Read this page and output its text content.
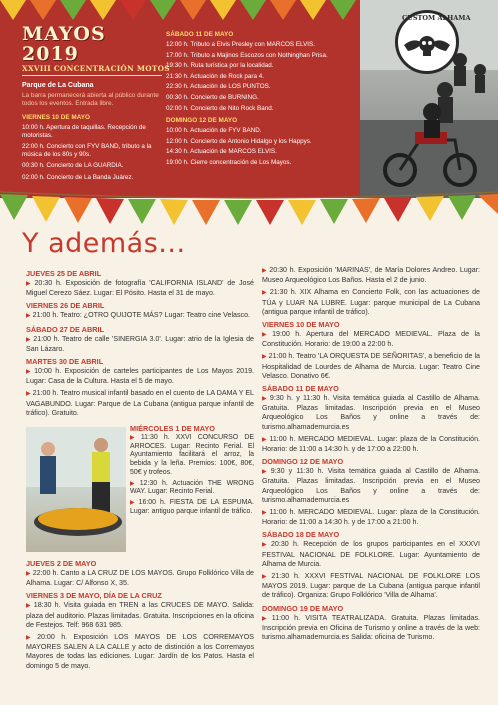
MAYOS 2019
XXVIII CONCENTRACIÓN MOTOS
Parque de La Cubana
La barra permanecerá abierta al público durante todos los eventos. Entrada libre.
VIERNES 10 DE MAYO
10:00 h. Apertura de taquillas. Recepción de motoristas.
22:00 h. Concierto con FYV BAND, tributo a la música de los 80s y 90s.
00:30 h. Concierto de LA GUARDIA.
02:00 h. Concierto de La Banda Juárez.
SÁBADO 11 DE MAYO
12:00 h. Tributo a Elvis Presley con MARCOS ELVIS.
17:00 h. Tributo a Majinos Escozos con Nothinghan Prisa.
19:30 h. Ruta turística por la localidad.
21:30 h. Actuación de Rock para 4.
22:30 h. Actuación de LOS PUNTOS.
00:30 h. Concierto de BURNING.
02:00 h. Concierto de Nito Rock Band.
DOMINGO 12 DE MAYO
10:00 h. Actuación de FYV BAND.
12:00 h. Concierto de Antonio Hidalgo y los Happys.
14:30 h. Actuación de MARCOS ELVIS.
19:00 h. Cierre concentración de Los Mayos.
CUSTOM ALHAMA
Y además...
JUEVES 25 DE ABRIL
▶ 20:30 h. Exposición de fotografía 'CALIFORNIA ISLAND' de José Miguel Cerezo Sáez. Lugar: El Pósito. Hasta el 31 de mayo.
VIERNES 26 DE ABRIL
▶ 21:00 h. Teatro: ¿OTRO QUIJOTE MÁS? Lugar: Teatro cine Velasco.
SÁBADO 27 DE ABRIL
▶ 21:00 h. Teatro de calle 'SINERGIA 3.0'. Lugar: atrio de la Iglesia de San Lázaro.
MARTES 30 DE ABRIL
▶ 10:00 h. Exposición de carteles participantes de Los Mayos 2019. Lugar: Casa de la Cultura. Hasta el 5 de mayo.
▶ 21:00 h. Teatro musical infantil basado en el cuento de LA DAMA Y EL VAGABUNDO. Lugar: Parque de La Cubana (antigua parque infantil de tráfico). Gratuito.
MIÉRCOLES 1 DE MAYO
▶ 11:30 h. XXVI CONCURSO DE ARROCES. Lugar: Recinto Ferial. El Ayuntamiento facilitará el arroz, la bebida y la leña. Premios: 100€, 80€, 50€ y trofeos.
▶ 12:30 h. Actuación THE WRONG WAY. Lugar: Recinto Ferial.
▶ 16:00 h. FIESTA DE LA ESPUMA. Lugar: antiguo parque infantil de tráfico.
JUEVES 2 DE MAYO
▶ 22:00 h. Canto a LA CRUZ DE LOS MAYOS. Grupo Folklórico Villa de Alhama. Lugar: C/ Alfonso X, 35.
VIERNES 3 DE MAYO, DÍA DE LA CRUZ
▶ 18:30 h. Visita guiada en TREN a las CRUCES DE MAYO. Salida: plaza del auditorio. Plazas limitadas. Gratuita. Inscripciones en la oficina de Festejos. Telf: 968 631 985.
▶ 20:00 h. Exposición LOS MAYOS DE LOS CORREMAYOS MAYORES SALEN A LA CALLE y acto de distinción a los Corremayos Mayores de todas las ediciones. Lugar: Jardín de los Patos. Hasta el domingo 5 de mayo.
▶ 20:30 h. Exposición 'MARINAS', de María Dolores Andreo. Lugar: Museo Arqueológico Los Baños. Hasta el 2 de junio.
▶ 21:30 h. XIX Alhama en Concierto Folk, con las actuaciones de TÚA y LUAR NA LUBRE. Lugar: parque municipal de La Cubana (antigua parque infantil de tráfico).
VIERNES 10 DE MAYO
▶ 19:00 h. Apertura del MERCADO MEDIEVAL. Plaza de la Constitución. Horario: de 19:00 a 22:00 h.
▶ 21:00 h. Teatro 'LA ORQUESTA DE SEÑORITAS', a beneficio de la Hospitalidad de Lourdes de Alhama de Murcia. Lugar: Teatro Cine Velasco. Donativo 6€.
SÁBADO 11 DE MAYO
▶ 9:30 h. y 11:30 h. Visita temática guiada al Castillo de Alhama. Gratuita. Plazas limitadas. Inscripción previa en el Museo Arqueológico Los Baños y online a través de: turismo.alhamademurcia.es
▶ 11:00 h. MERCADO MEDIEVAL. Lugar: plaza de la Constitución. Horario: de 11:00 a 14:30 h. y de 17:00 a 22:00 h.
DOMINGO 12 DE MAYO
▶ 9:30 y 11:30 h. Visita temática guiada al Castillo de Alhama. Gratuita. Plazas limitadas. Inscripción previa en el Museo Arqueológico Los Baños y online a través de: turismo.alhamademurcia.es
▶ 11:00 h. MERCADO MEDIEVAL. Lugar: plaza de la Constitución. Horario: de 11:00 a 14:30 h. y de 17:00 a 21:00 h.
SÁBADO 18 DE MAYO
▶ 20:30 h. Recepción de los grupos participantes en el XXXVI FESTIVAL NACIONAL DE FOLKLORE. Lugar: Ayuntamiento de Alhama de Murcia.
▶ 21:30 h. XXXVI FESTIVAL NACIONAL DE FOLKLORE LOS MAYOS 2019. Lugar: parque de La Cubana (antigua parque infantil de tráfico). Organiza: Grupo Folklórico 'Villa de Alhama'.
DOMINGO 19 DE MAYO
▶ 11:00 h. VISITA TEATRALIZADA. Gratuita. Plazas limitadas. Inscripción previa en Oficina de Turismo y online a través de la web: turismo.alhamademurcia.es Salida: oficina de Turismo.
